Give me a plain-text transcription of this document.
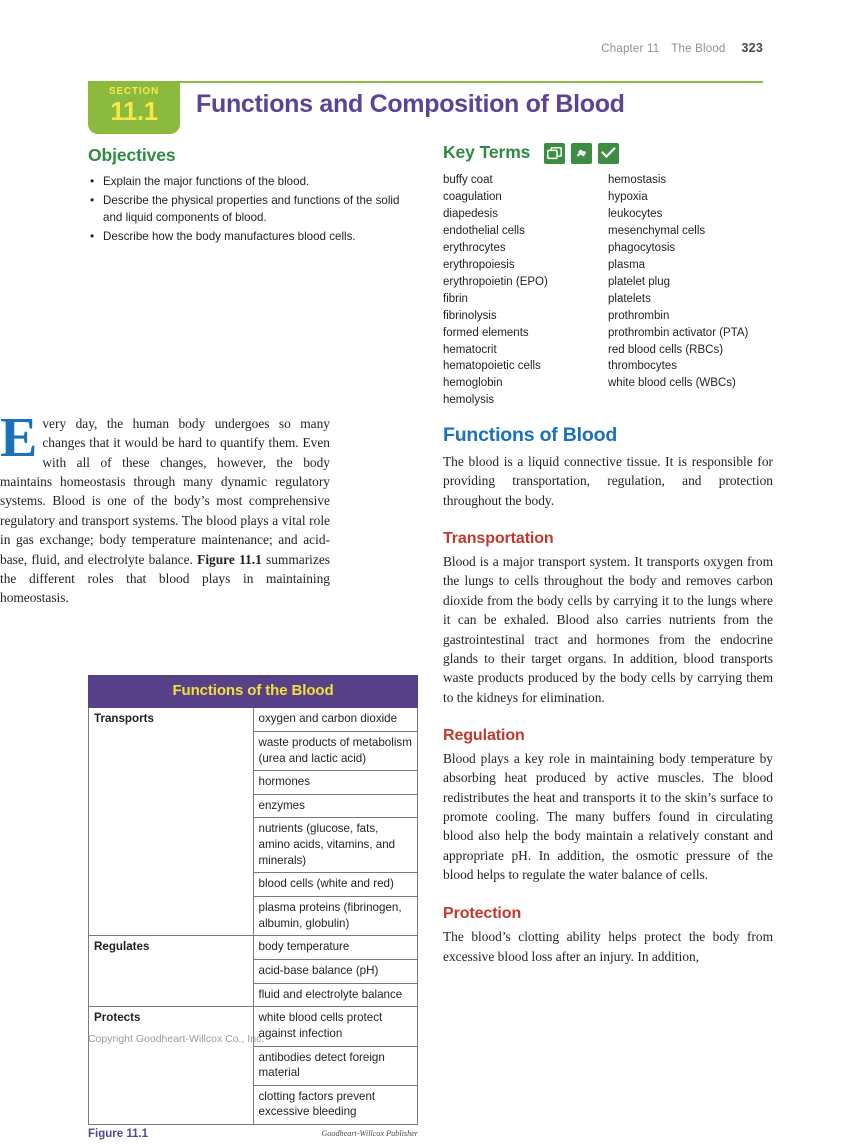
Chapter 11 The Blood 323
SECTION
11.1	Functions and Composition of Blood
Objectives
• Explain the major functions of the blood.
• Describe the physical properties and functions of the solid and liquid components of blood.
• Describe how the body manufactures blood cells.

Every day, the human body undergoes so many changes that it would be hard to quantify them. Even with all of these changes, however, the body maintains homeostasis through many dynamic regulatory systems. Blood is one of the body’s most comprehensive regulatory and transport systems. The blood plays a vital role in gas exchange; body temperature maintenance; and acid-base, fluid, and electrolyte balance. Figure 11.1 summarizes the different roles that blood plays in maintaining homeostasis.

Functions of the Blood	
Transports	oxygen and carbon dioxide
	waste products of metabolism (urea and lactic acid)
	hormones
	enzymes
	nutrients (glucose, fats, amino acids, vitamins, and minerals)
	blood cells (white and red)
	plasma proteins (fibrinogen, albumin, globulin)
Regulates	body temperature
	acid-base balance (pH)
	fluid and electrolyte balance
Protects	white blood cells protect against infection
	antibodies detect foreign material
	clotting factors prevent excessive bleeding
Figure 11.1	Goodheart-Willcox Publisher
Key Terms
buffy coat
coagulation
diapedesis
endothelial cells
erythrocytes
erythropoiesis
erythropoietin (EPO)
fibrin
fibrinolysis
formed elements
hematocrit
hematopoietic cells
hemoglobin
hemolysis
hemostasis
hypoxia
leukocytes
mesenchymal cells
phagocytosis
plasma
platelet plug
platelets
prothrombin
prothrombin activator (PTA)
red blood cells (RBCs)
thrombocytes
white blood cells (WBCs)
Functions of Blood

The blood is a liquid connective tissue. It is responsible for providing transportation, regulation, and protection throughout the body.

Transportation

Blood is a major transport system. It transports oxygen from the lungs to cells throughout the body and removes carbon dioxide from the body cells by carrying it to the lungs where it can be exhaled. Blood also carries nutrients from the gastrointestinal tract and hormones from the endocrine glands to their target organs. In addition, blood transports waste products produced by the body cells by carrying them to the kidneys for elimination.

Regulation

Blood plays a key role in maintaining body temperature by absorbing heat produced by active muscles. The blood redistributes the heat and transports it to the skin’s surface to promote cooling. The many buffers found in circulating blood also help the body maintain a relatively constant and appropriate pH. In addition, the osmotic pressure of the blood helps to regulate the water balance of cells.

Protection

The blood’s clotting ability helps protect the body from excessive blood loss after an injury. In addition,

Copyright Goodheart-Willcox Co., Inc.
